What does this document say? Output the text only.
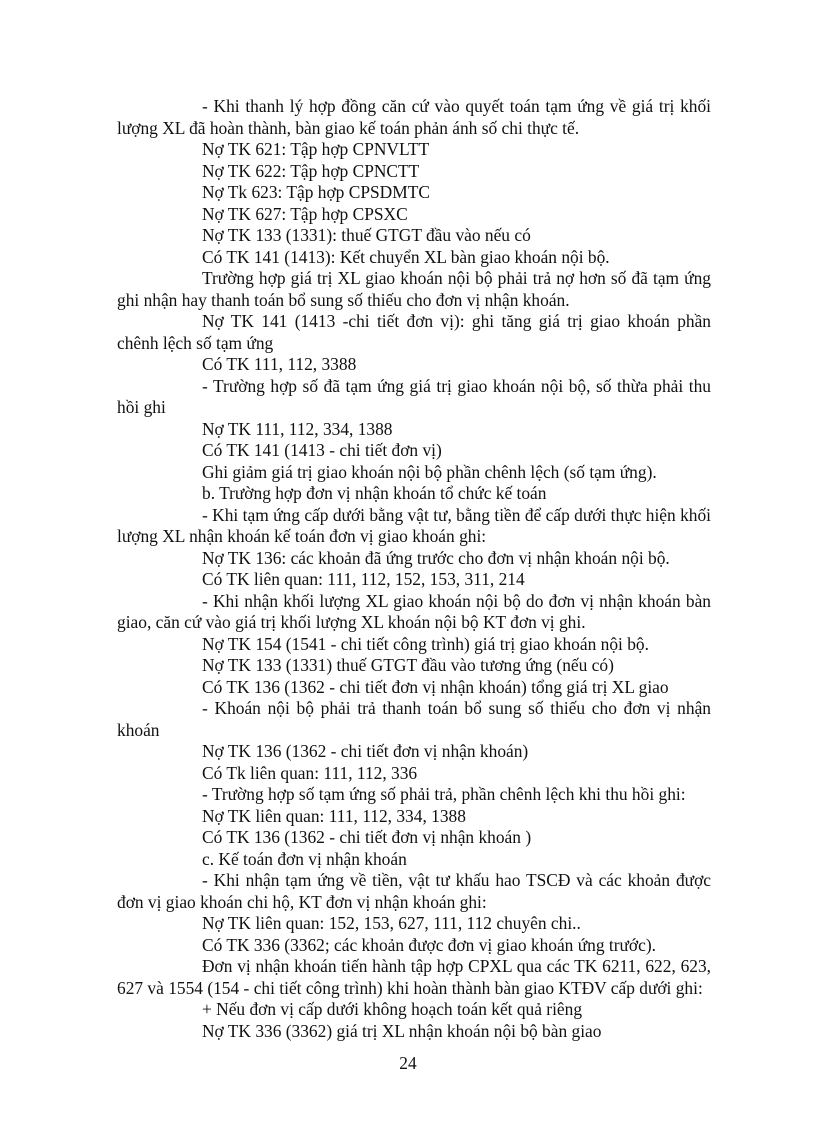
- Khi thanh lý hợp đồng căn cứ vào quyết toán tạm ứng về giá trị khối lượng XL đã hoàn thành, bàn giao kế toán phản ánh số chi thực tế.

Nợ TK 621: Tập hợp CPNVLTT

Nợ TK 622: Tập hợp CPNCTT

Nợ Tk 623: Tập hợp CPSDMTC

Nợ TK 627: Tập hợp CPSXC

Nợ TK 133 (1331): thuế GTGT đầu vào nếu có

Có TK 141 (1413): Kết chuyển XL bàn giao khoán nội bộ.

Trường hợp giá trị XL giao khoán nội bộ phải trả nợ hơn số đã tạm ứng ghi nhận hay thanh toán bổ sung số thiếu cho đơn vị nhận khoán.

Nợ TK 141 (1413 -chi tiết đơn vị): ghi tăng giá trị giao khoán phần chênh lệch số tạm ứng

Có TK 111, 112, 3388

- Trường hợp số đã tạm ứng giá trị giao khoán nội bộ, số thừa phải thu hồi ghi

Nợ TK 111, 112, 334, 1388

Có TK 141 (1413 - chi tiết đơn vị)

Ghi giảm giá trị giao khoán nội bộ phần chênh lệch (số tạm ứng).

b. Trường hợp đơn vị nhận khoán tổ chức kế toán

- Khi tạm ứng cấp dưới bằng vật tư, bằng tiền để cấp dưới thực hiện khối lượng XL nhận khoán kế toán đơn vị giao khoán ghi:

Nợ TK 136: các khoản đã ứng trước cho đơn vị nhận khoán nội bộ.

Có TK liên quan: 111, 112, 152, 153, 311, 214

- Khi nhận khối lượng XL giao khoán nội bộ do đơn vị nhận khoán bàn giao, căn cứ vào giá trị khối lượng XL khoán nội bộ KT đơn vị ghi.

Nợ TK 154 (1541 - chi tiết công trình) giá trị giao khoán nội bộ.

Nợ TK 133 (1331) thuế GTGT đầu vào tương ứng (nếu có)

Có TK 136 (1362 - chi tiết đơn vị nhận khoán) tổng giá trị XL giao

- Khoán nội bộ phải trả thanh toán bổ sung số thiếu cho đơn vị nhận khoán

Nợ TK 136 (1362 - chi tiết đơn vị nhận khoán)

Có Tk liên quan: 111, 112, 336

- Trường hợp số tạm ứng số phải trả, phần chênh lệch khi thu hồi ghi:

Nợ TK liên quan: 111, 112, 334, 1388

Có TK 136 (1362 - chi tiết đơn vị nhận khoán )

c. Kế toán đơn vị nhận khoán

- Khi nhận tạm ứng về tiền, vật tư khấu hao TSCĐ và các khoản được đơn vị giao khoán chi hộ, KT đơn vị nhận khoán ghi:

Nợ TK liên quan: 152, 153, 627, 111, 112 chuyên chi..

Có TK 336 (3362; các khoản được đơn vị giao khoán ứng trước).

Đơn vị nhận khoán tiến hành tập hợp CPXL qua các TK 6211, 622, 623, 627 và 1554 (154 - chi tiết công trình) khi hoàn thành bàn giao KTĐV cấp dưới ghi:

+ Nếu đơn vị cấp dưới không hoạch toán kết quả riêng

Nợ TK 336 (3362) giá trị XL nhận khoán nội bộ bàn giao

24
